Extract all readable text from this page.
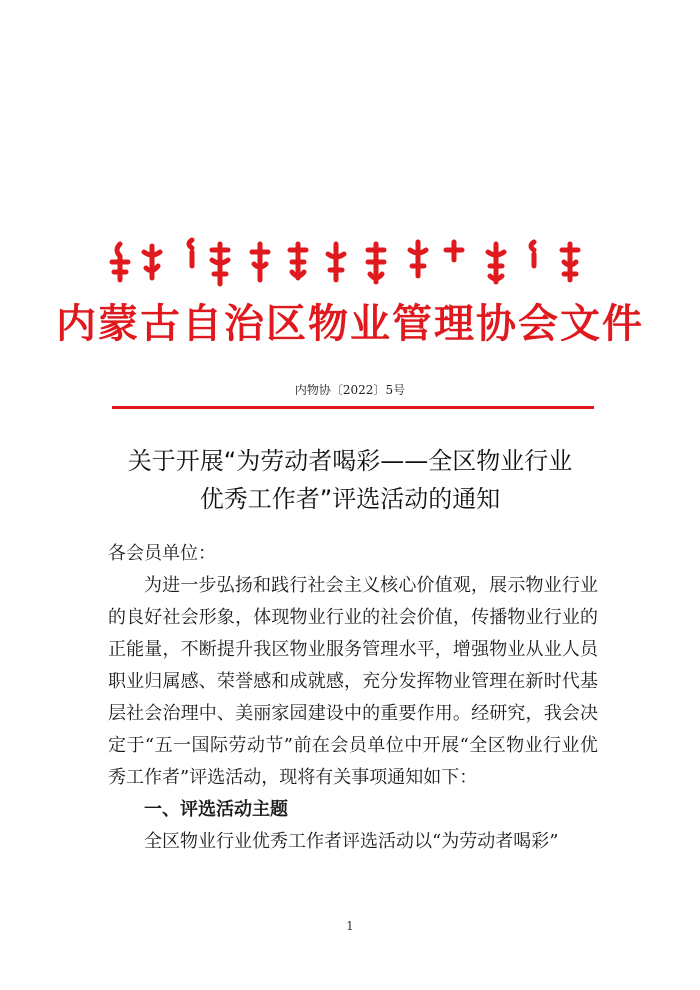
内蒙古自治区物业管理协会文件
内物协〔2022〕5号
关于开展“为劳动者喝彩——全区物业行业
优秀工作者”评选活动的通知

各会员单位：

为进一步弘扬和践行社会主义核心价值观，展示物业行业的良好社会形象，体现物业行业的社会价值，传播物业行业的正能量，不断提升我区物业服务管理水平，增强物业从业人员职业归属感、荣誉感和成就感，充分发挥物业管理在新时代基层社会治理中、美丽家园建设中的重要作用。经研究，我会决定于“五一国际劳动节”前在会员单位中开展“全区物业行业优秀工作者”评选活动，现将有关事项通知如下：

一、评选活动主题

全区物业行业优秀工作者评选活动以“为劳动者喝彩”

1
